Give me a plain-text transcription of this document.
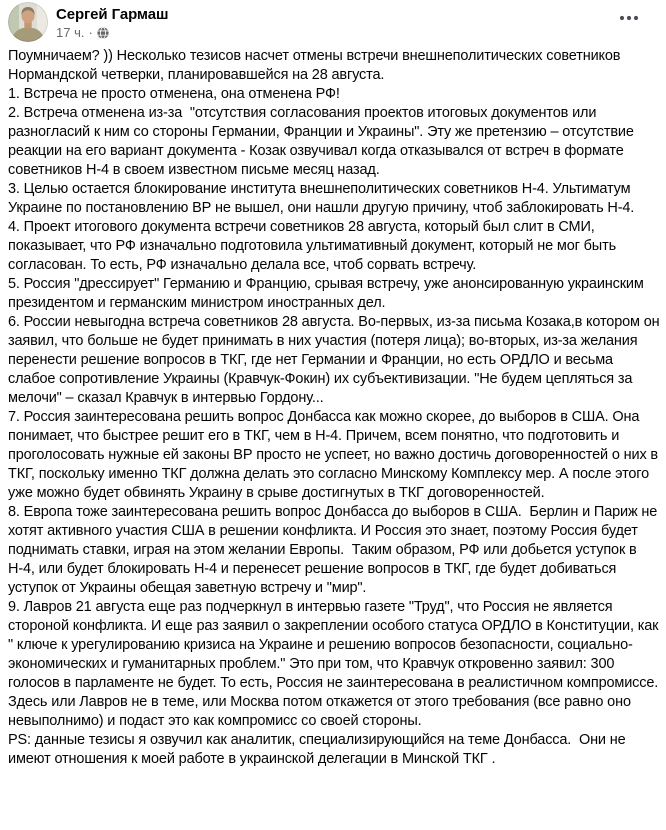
Сергей Гармаш
17 ч. ·
Поумничаем? )) Несколько тезисов насчет отмены встречи внешнеполитических советников Нормандской четверки, планировавшейся на 28 августа.
1. Встреча не просто отменена, она отменена РФ!
2. Встреча отменена из-за  "отсутствия согласования проектов итоговых документов или разногласий к ним со стороны Германии, Франции и Украины". Эту же претензию – отсутствие реакции на его вариант документа - Козак озвучивал когда отказывался от встреч в формате советников Н-4 в своем известном письме месяц назад.
3. Целью остается блокирование института внешнеполитических советников Н-4. Ультиматум Украине по постановлению ВР не вышел, они нашли другую причину, чтоб заблокировать Н-4.
4. Проект итогового документа встречи советников 28 августа, который был слит в СМИ, показывает, что РФ изначально подготовила ультимативный документ, который не мог быть согласован. То есть, РФ изначально делала все, чтоб сорвать встречу.
5. Россия "дрессирует" Германию и Францию, срывая встречу, уже анонсированную украинским президентом и германским министром иностранных дел.
6. России невыгодна встреча советников 28 августа. Во-первых, из-за письма Козака,в котором он заявил, что больше не будет принимать в них участия (потеря лица); во-вторых, из-за желания перенести решение вопросов в ТКГ, где нет Германии и Франции, но есть ОРДЛО и весьма слабое сопротивление Украины (Кравчук-Фокин) их субъективизации. "Не будем цепляться за мелочи" – сказал Кравчук в интервью Гордону...
7. Россия заинтересована решить вопрос Донбасса как можно скорее, до выборов в США. Она понимает, что быстрее решит его в ТКГ, чем в Н-4. Причем, всем понятно, что подготовить и проголосовать нужные ей законы ВР просто не успеет, но важно достичь договоренностей о них в ТКГ, поскольку именно ТКГ должна делать это согласно Минскому Комплексу мер. А после этого уже можно будет обвинять Украину в срыве достигнутых в ТКГ договоренностей.
8. Европа тоже заинтересована решить вопрос Донбасса до выборов в США.  Берлин и Париж не хотят активного участия США в решении конфликта. И Россия это знает, поэтому Россия будет поднимать ставки, играя на этом желании Европы.  Таким образом, РФ или добьется уступок в Н-4, или будет блокировать Н-4 и перенесет решение вопросов в ТКГ, где будет добиваться уступок от Украины обещая заветную встречу и "мир".
9. Лавров 21 августа еще раз подчеркнул в интервью газете "Труд", что Россия не является стороной конфликта. И еще раз заявил о закреплении особого статуса ОРДЛО в Конституции, как " ключе к урегулированию кризиса на Украине и решению вопросов безопасности, социально-экономических и гуманитарных проблем." Это при том, что Кравчук откровенно заявил: 300 голосов в парламенте не будет. То есть, Россия не заинтересована в реалистичном компромиссе.  Здесь или Лавров не в теме, или Москва потом откажется от этого требования (все равно оно невыполнимо) и подаст это как компромисс со своей стороны.
PS: данные тезисы я озвучил как аналитик, специализирующийся на теме Донбасса.  Они не имеют отношения к моей работе в украинской делегации в Минской ТКГ .
